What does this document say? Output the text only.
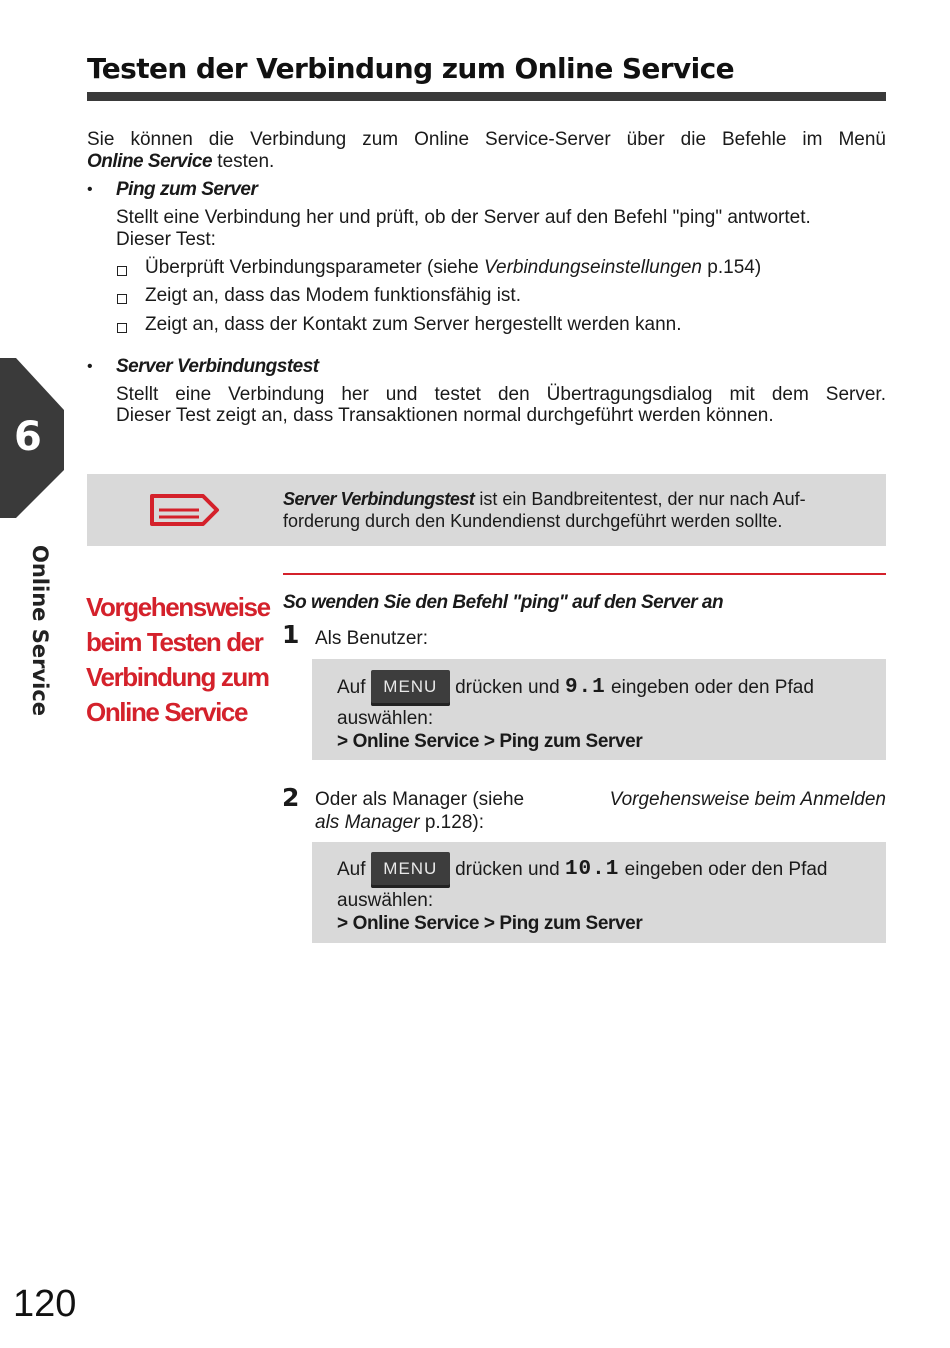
Testen der Verbindung zum Online Service
6
Online Service
Sie können die Verbindung zum Online Service-Server über die Befehle im Menü
Online Service testen.
• Ping zum Server
Stellt eine Verbindung her und prüft, ob der Server auf den Befehl "ping" antwortet.
Dieser Test:
Überprüft Verbindungsparameter (siehe Verbindungseinstellungen p.154)
Zeigt an, dass das Modem funktionsfähig ist.
Zeigt an, dass der Kontakt zum Server hergestellt werden kann.
• Server Verbindungstest
Stellt eine Verbindung her und testet den Übertragungsdialog mit dem Server.
Dieser Test zeigt an, dass Transaktionen normal durchgeführt werden können.
Server Verbindungstest ist ein Bandbreitentest, der nur nach Auf-
forderung durch den Kundendienst durchgeführt werden sollte.
Vorgehensweise
beim Testen der
Verbindung zum
Online Service
So wenden Sie den Befehl "ping" auf den Server an
1 Als Benutzer:
Auf MENU drücken und 9.1 eingeben oder den Pfad
auswählen:
> Online Service > Ping zum Server
2 Oder als Manager (siehe	Vorgehensweise beim Anmelden
als Manager p.128):
Auf MENU drücken und 10.1 eingeben oder den Pfad
auswählen:
> Online Service > Ping zum Server
120
